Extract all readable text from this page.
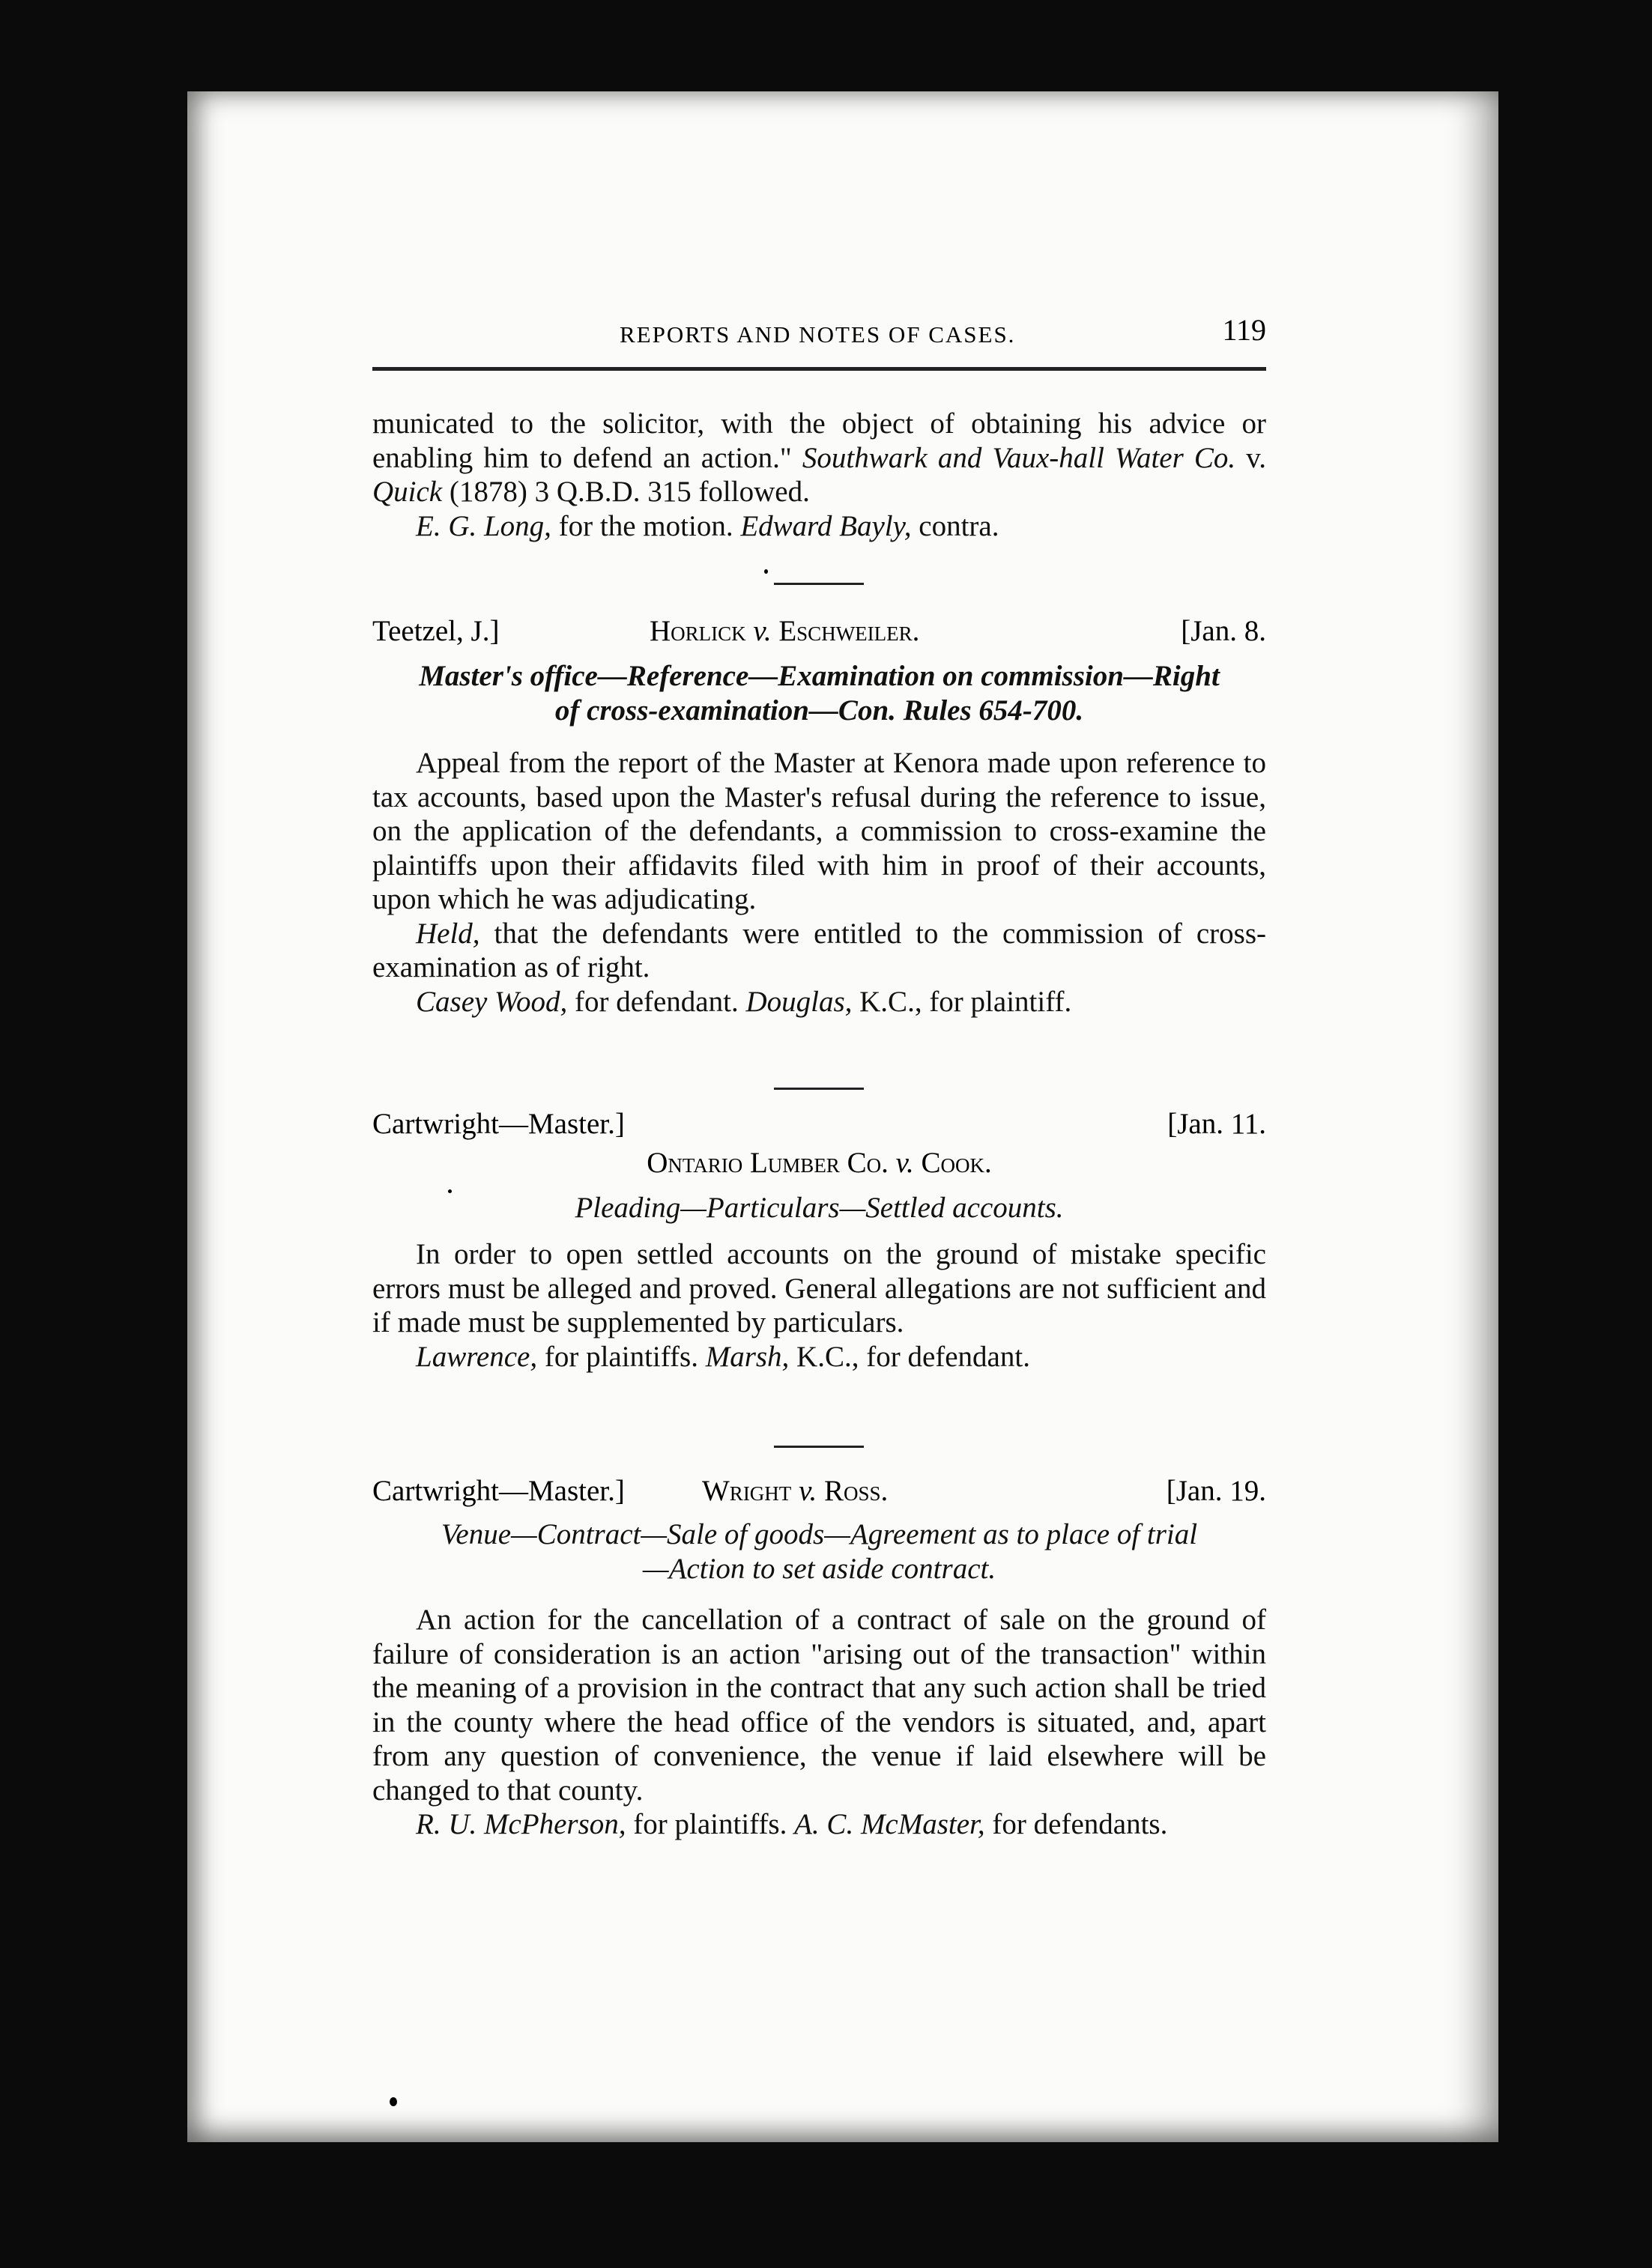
REPORTS AND NOTES OF CASES.	119

municated to the solicitor, with the object of obtaining his advice or enabling him to defend an action." Southwark and Vaux-hall Water Co. v. Quick (1878) 3 Q.B.D. 315 followed.

E. G. Long, for the motion. Edward Bayly, contra.

Teetzel, J.]	Horlick v. Eschweiler.	[Jan. 8.

Master's office—Reference—Examination on commission—Right

of cross-examination—Con. Rules 654-700.

Appeal from the report of the Master at Kenora made upon reference to tax accounts, based upon the Master's refusal during the reference to issue, on the application of the defendants, a commission to cross-examine the plaintiffs upon their affidavits filed with him in proof of their accounts, upon which he was adjudicating.

Held, that the defendants were entitled to the commission of cross-examination as of right.

Casey Wood, for defendant. Douglas, K.C., for plaintiff.

Cartwright—Master.]	[Jan. 11.
Ontario Lumber Co. v. Cook.

Pleading—Particulars—Settled accounts.

In order to open settled accounts on the ground of mistake specific errors must be alleged and proved. General allegations are not sufficient and if made must be supplemented by particulars.

Lawrence, for plaintiffs. Marsh, K.C., for defendant.

Cartwright—Master.]	Wright v. Ross.	[Jan. 19.

Venue—Contract—Sale of goods—Agreement as to place of trial

—Action to set aside contract.

An action for the cancellation of a contract of sale on the ground of failure of consideration is an action "arising out of the transaction" within the meaning of a provision in the contract that any such action shall be tried in the county where the head office of the vendors is situated, and, apart from any question of convenience, the venue if laid elsewhere will be changed to that county.

R. U. McPherson, for plaintiffs. A. C. McMaster, for defendants.
